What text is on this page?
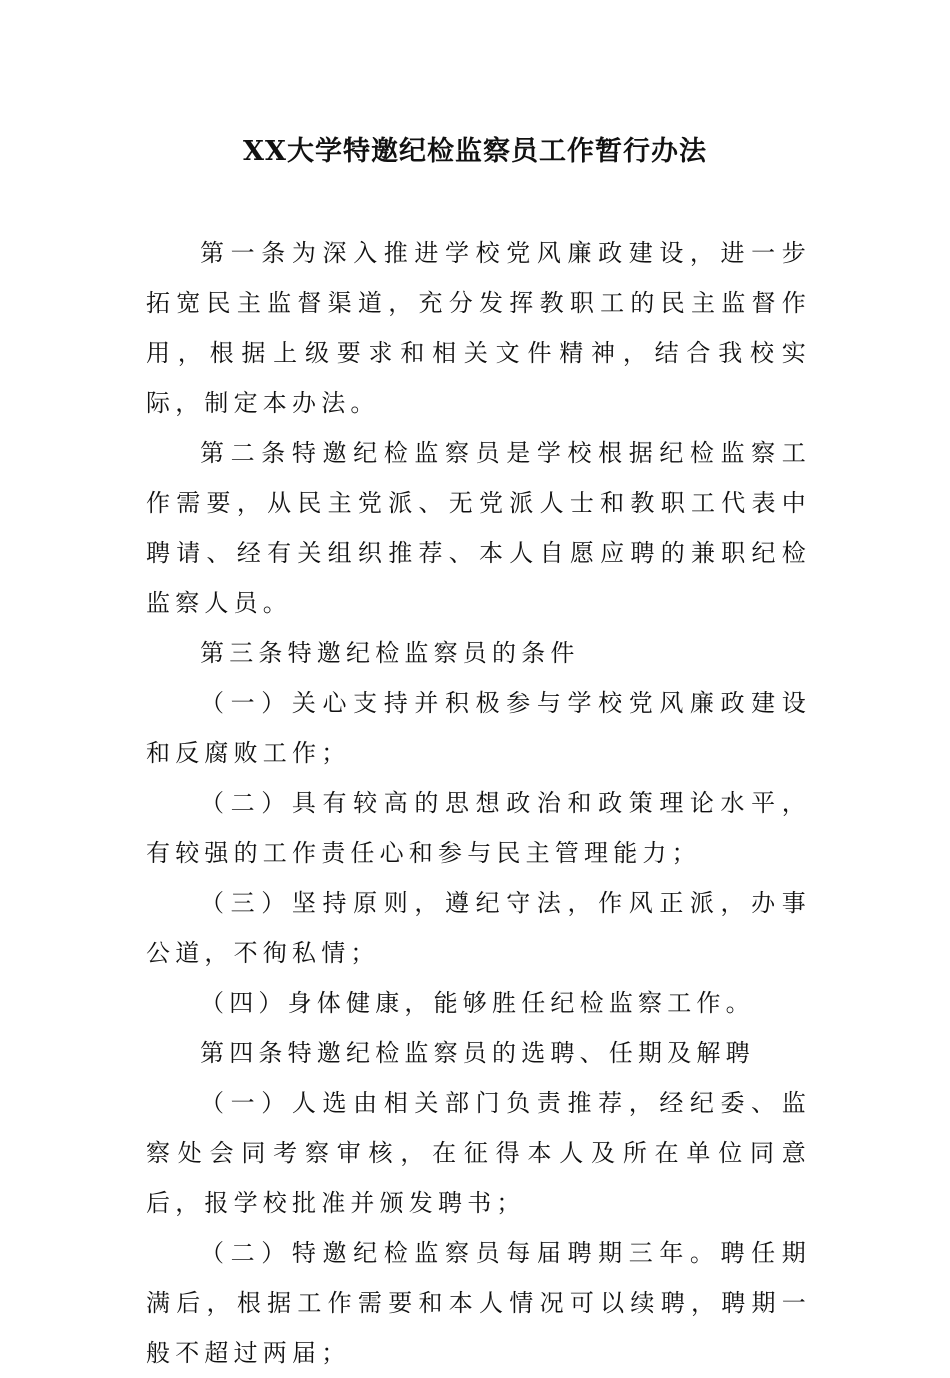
XX大学特邀纪检监察员工作暂行办法

第一条为深入推进学校党风廉政建设，进一步拓宽民主监督渠道，充分发挥教职工的民主监督作用，根据上级要求和相关文件精神，结合我校实际，制定本办法。

第二条特邀纪检监察员是学校根据纪检监察工作需要，从民主党派、无党派人士和教职工代表中聘请、经有关组织推荐、本人自愿应聘的兼职纪检监察人员。

第三条特邀纪检监察员的条件

（一）关心支持并积极参与学校党风廉政建设和反腐败工作；

（二）具有较高的思想政治和政策理论水平，有较强的工作责任心和参与民主管理能力；

（三）坚持原则，遵纪守法，作风正派，办事公道，不徇私情；

（四）身体健康，能够胜任纪检监察工作。

第四条特邀纪检监察员的选聘、任期及解聘

（一）人选由相关部门负责推荐，经纪委、监察处会同考察审核，在征得本人及所在单位同意后，报学校批准并颁发聘书；

（二）特邀纪检监察员每届聘期三年。聘任期满后，根据工作需要和本人情况可以续聘，聘期一般不超过两届；
